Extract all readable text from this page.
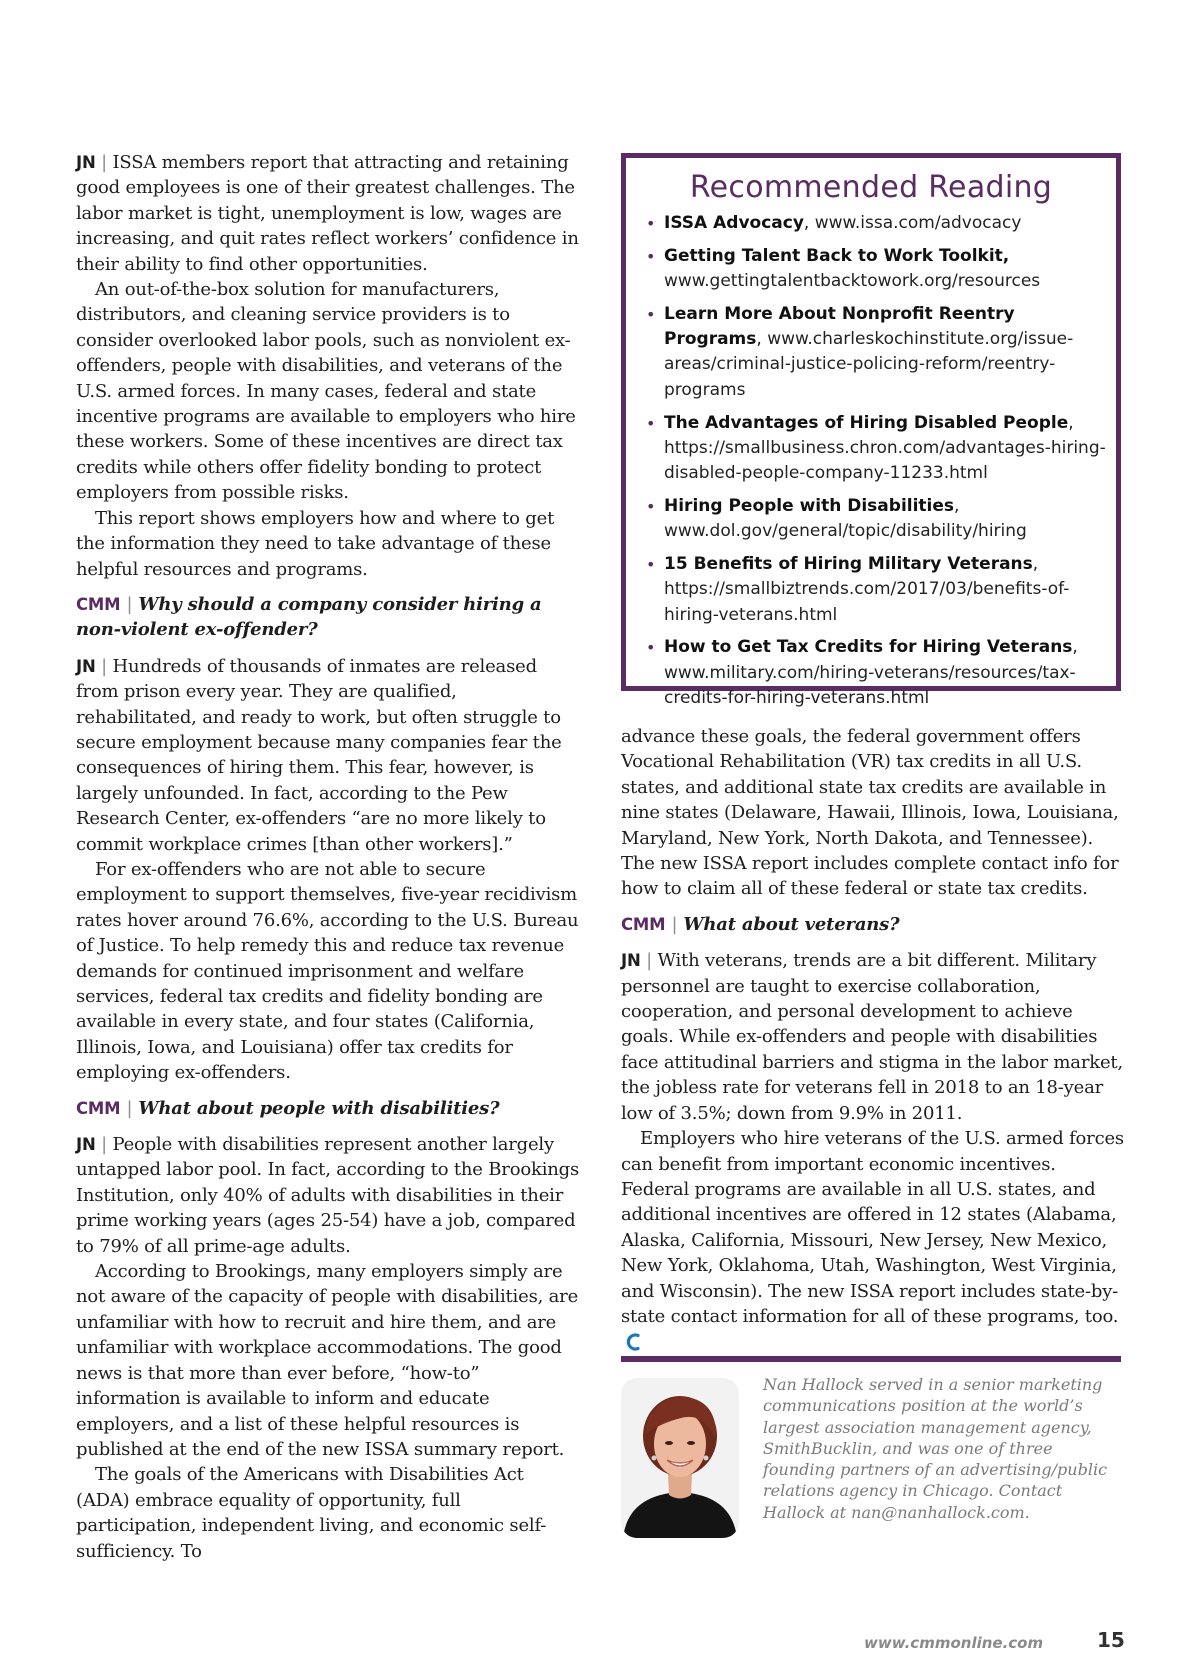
JN | ISSA members report that attracting and retaining good employees is one of their greatest challenges. The labor market is tight, unemployment is low, wages are increasing, and quit rates reflect workers’ confidence in their ability to find other opportunities.

An out-of-the-box solution for manufacturers, distributors, and cleaning service providers is to consider overlooked labor pools, such as nonviolent ex-offenders, people with disabilities, and veterans of the U.S. armed forces. In many cases, federal and state incentive programs are available to employers who hire these workers. Some of these incentives are direct tax credits while others offer fidelity bonding to protect employers from possible risks.

This report shows employers how and where to get the information they need to take advantage of these helpful resources and programs.

CMM | Why should a company consider hiring a non-violent ex-offender?

JN | Hundreds of thousands of inmates are released from prison every year. They are qualified, rehabilitated, and ready to work, but often struggle to secure employment because many companies fear the consequences of hiring them. This fear, however, is largely unfounded. In fact, according to the Pew Research Center, ex-offenders “are no more likely to commit workplace crimes [than other workers].”

For ex-offenders who are not able to secure employment to support themselves, five-year recidivism rates hover around 76.6%, according to the U.S. Bureau of Justice. To help remedy this and reduce tax revenue demands for continued imprisonment and welfare services, federal tax credits and fidelity bonding are available in every state, and four states (California, Illinois, Iowa, and Louisiana) offer tax credits for employing ex-offenders.

CMM | What about people with disabilities?

JN | People with disabilities represent another largely untapped labor pool. In fact, according to the Brookings Institution, only 40% of adults with disabilities in their prime working years (ages 25-54) have a job, compared to 79% of all prime-age adults.

According to Brookings, many employers simply are not aware of the capacity of people with disabilities, are unfamiliar with how to recruit and hire them, and are unfamiliar with workplace accommodations. The good news is that more than ever before, “how-to” information is available to inform and educate employers, and a list of these helpful resources is published at the end of the new ISSA summary report.

The goals of the Americans with Disabilities Act (ADA) embrace equality of opportunity, full participation, independent living, and economic self-sufficiency. To

Recommended Reading
• ISSA Advocacy, www.issa.com/advocacy
• Getting Talent Back to Work Toolkit,
www.gettingtalentbacktowork.org/resources
• Learn More About Nonprofit Reentry Programs, www.charleskochinstitute.org/issue-areas/criminal-justice-policing-reform/reentry-programs
• The Advantages of Hiring Disabled People, https://smallbusiness.chron.com/advantages-hiring-disabled-people-company-11233.html
• Hiring People with Disabilities, www.dol.gov/general/topic/disability/hiring
• 15 Benefits of Hiring Military Veterans, https://smallbiztrends.com/2017/03/benefits-of-hiring-veterans.html
• How to Get Tax Credits for Hiring Veterans, www.military.com/hiring-veterans/resources/tax-credits-for-hiring-veterans.html

advance these goals, the federal government offers Vocational Rehabilitation (VR) tax credits in all U.S. states, and additional state tax credits are available in nine states (Delaware, Hawaii, Illinois, Iowa, Louisiana, Maryland, New York, North Dakota, and Tennessee). The new ISSA report includes complete contact info for how to claim all of these federal or state tax credits.

CMM | What about veterans?

JN | With veterans, trends are a bit different. Military personnel are taught to exercise collaboration, cooperation, and personal development to achieve goals. While ex-offenders and people with disabilities face attitudinal barriers and stigma in the labor market, the jobless rate for veterans fell in 2018 to an 18-year low of 3.5%; down from 9.9% in 2011.

Employers who hire veterans of the U.S. armed forces can benefit from important economic incentives. Federal programs are available in all U.S. states, and additional incentives are offered in 12 states (Alabama, Alaska, California, Missouri, New Jersey, New Mexico, New York, Oklahoma, Utah, Washington, West Virginia, and Wisconsin). The new ISSA report includes state-by-state contact information for all of these programs, too.

Nan Hallock served in a senior marketing communications position at the world’s largest association management agency, SmithBucklin, and was one of three founding partners of an advertising/public relations agency in Chicago. Contact Hallock at nan@nanhallock.com.

www.cmmonline.com	15
